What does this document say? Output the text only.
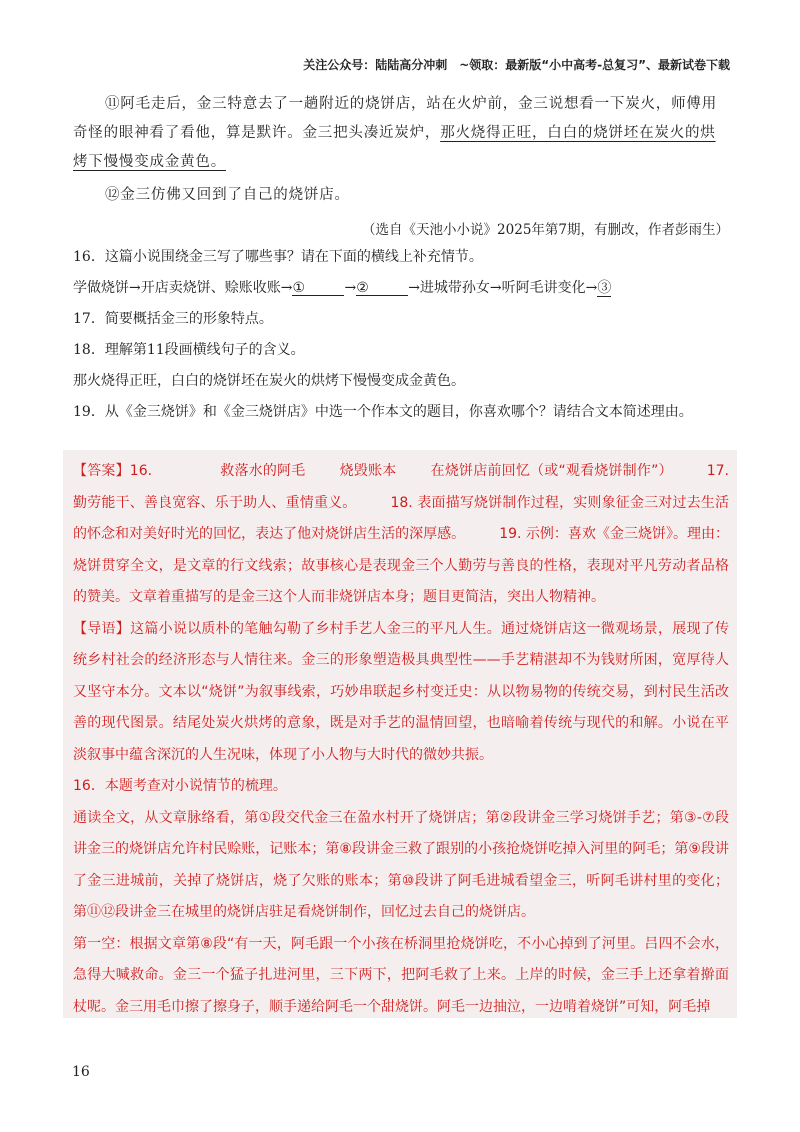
关注公众号：陆陆高分冲刺　~领取：最新版“小中高考-总复习”、最新试卷下载

⑪阿毛走后，金三特意去了一趟附近的烧饼店，站在火炉前，金三说想看一下炭火，师傅用奇怪的眼神看了看他，算是默许。金三把头凑近炭炉，那火烧得正旺，白白的烧饼坯在炭火的烘烤下慢慢变成金黄色。

⑫金三仿佛又回到了自己的烧饼店。

（选自《天池小小说》2025年第7期，有删改，作者彭雨生）

16．这篇小说围绕金三写了哪些事？请在下面的横线上补充情节。

学做烧饼→开店卖烧饼、赊账收账→①	→②	→进城带孙女→听阿毛讲变化→③

17．简要概括金三的形象特点。

18．理解第11段画横线句子的含义。

那火烧得正旺，白白的烧饼坯在炭火的烘烤下慢慢变成金黄色。

19．从《金三烧饼》和《金三烧饼店》中选一个作本文的题目，你喜欢哪个？请结合文本简述理由。

【答案】16.	救落水的阿毛 烧毁账本 在烧饼店前回忆（或“观看烧饼制作”） 17.　　勤劳能干、善良宽容、乐于助人、重情重义。 18. 表面描写烧饼制作过程，实则象征金三对过去生活的怀念和对美好时光的回忆，表达了他对烧饼店生活的深厚感。 19. 示例：喜欢《金三烧饼》。理由：烧饼贯穿全文，是文章的行文线索；故事核心是表现金三个人勤劳与善良的性格，表现对平凡劳动者品格的赞美。文章着重描写的是金三这个人而非烧饼店本身；题目更简洁，突出人物精神。

【导语】这篇小说以质朴的笔触勾勒了乡村手艺人金三的平凡人生。通过烧饼店这一微观场景，展现了传统乡村社会的经济形态与人情往来。金三的形象塑造极具典型性——手艺精湛却不为钱财所困，宽厚待人又坚守本分。文本以“烧饼”为叙事线索，巧妙串联起乡村变迁史：从以物易物的传统交易，到村民生活改善的现代图景。结尾处炭火烘烤的意象，既是对手艺的温情回望，也暗喻着传统与现代的和解。小说在平淡叙事中蕴含深沉的人生况味，体现了小人物与大时代的微妙共振。

16．本题考查对小说情节的梳理。

通读全文，从文章脉络看，第①段交代金三在盈水村开了烧饼店；第②段讲金三学习烧饼手艺；第③-⑦段讲金三的烧饼店允许村民赊账，记账本；第⑧段讲金三救了跟别的小孩抢烧饼吃掉入河里的阿毛；第⑨段讲了金三进城前，关掉了烧饼店，烧了欠账的账本；第⑩段讲了阿毛进城看望金三，听阿毛讲村里的变化；第⑪⑫段讲金三在城里的烧饼店驻足看烧饼制作，回忆过去自己的烧饼店。

第一空：根据文章第⑧段“有一天，阿毛跟一个小孩在桥洞里抢烧饼吃，不小心掉到了河里。吕四不会水，急得大喊救命。金三一个猛子扎进河里，三下两下，把阿毛救了上来。上岸的时候，金三手上还拿着擀面杖呢。金三用毛巾擦了擦身子，顺手递给阿毛一个甜烧饼。阿毛一边抽泣，一边啃着烧饼”可知，阿毛掉

16
